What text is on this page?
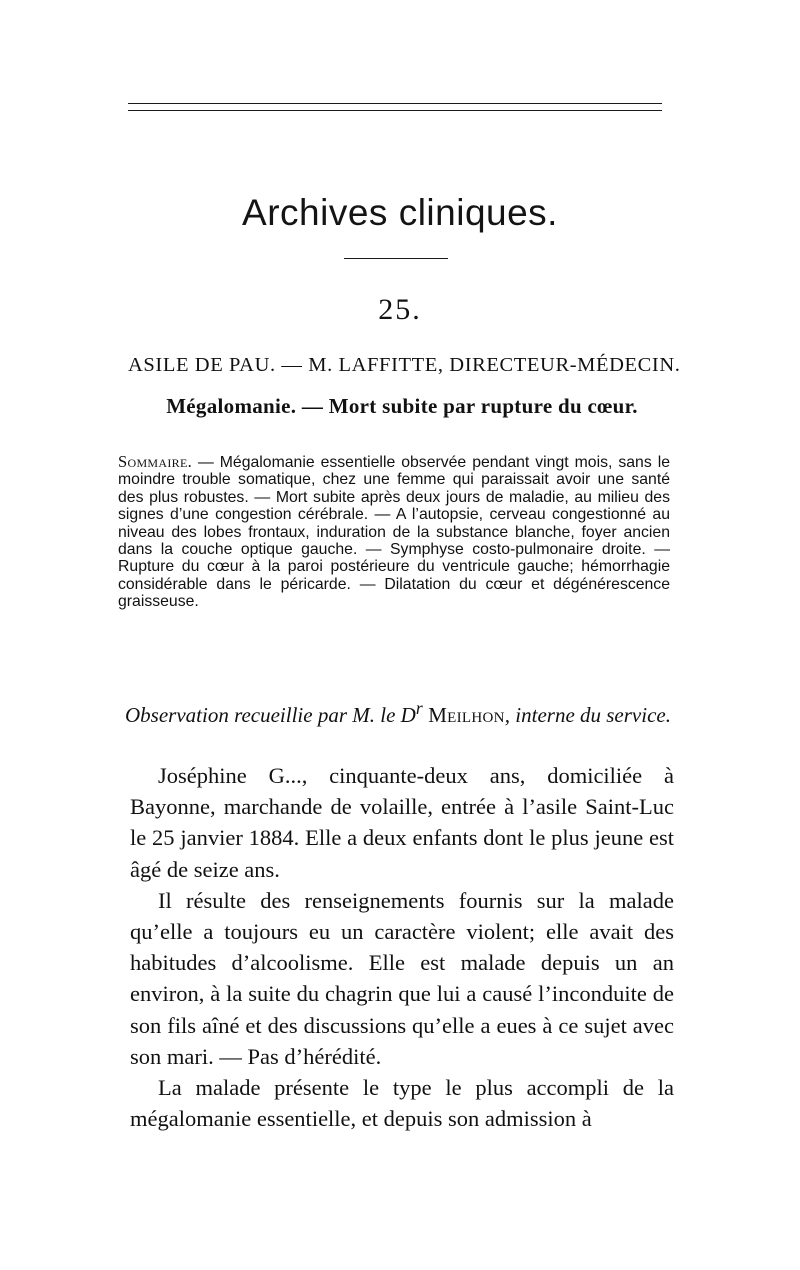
Archives cliniques.
25.
ASILE DE PAU. — M. LAFFITTE, DIRECTEUR-MÉDECIN.
Mégalomanie. — Mort subite par rupture du cœur.
Sommaire. — Mégalomanie essentielle observée pendant vingt mois, sans le moindre trouble somatique, chez une femme qui paraissait avoir une santé des plus robustes. — Mort subite après deux jours de maladie, au milieu des signes d’une congestion cérébrale. — A l’autopsie, cerveau congestionné au niveau des lobes frontaux, induration de la substance blanche, foyer ancien dans la couche optique gauche. — Symphyse costo-pulmonaire droite. — Rupture du cœur à la paroi postérieure du ventricule gauche; hémorrhagie considérable dans le péricarde. — Dilatation du cœur et dégénérescence graisseuse.
Observation recueillie par M. le $D^r$ Meilhon, interne du service.

Joséphine G..., cinquante-deux ans, domiciliée à Bayonne, marchande de volaille, entrée à l’asile Saint-Luc le 25 janvier 1884. Elle a deux enfants dont le plus jeune est âgé de seize ans.

Il résulte des renseignements fournis sur la malade qu’elle a toujours eu un caractère violent; elle avait des habitudes d’alcoolisme. Elle est malade depuis un an environ, à la suite du chagrin que lui a causé l’inconduite de son fils aîné et des discussions qu’elle a eues à ce sujet avec son mari. — Pas d’hérédité.

La malade présente le type le plus accompli de la mégalomanie essentielle, et depuis son admission à
